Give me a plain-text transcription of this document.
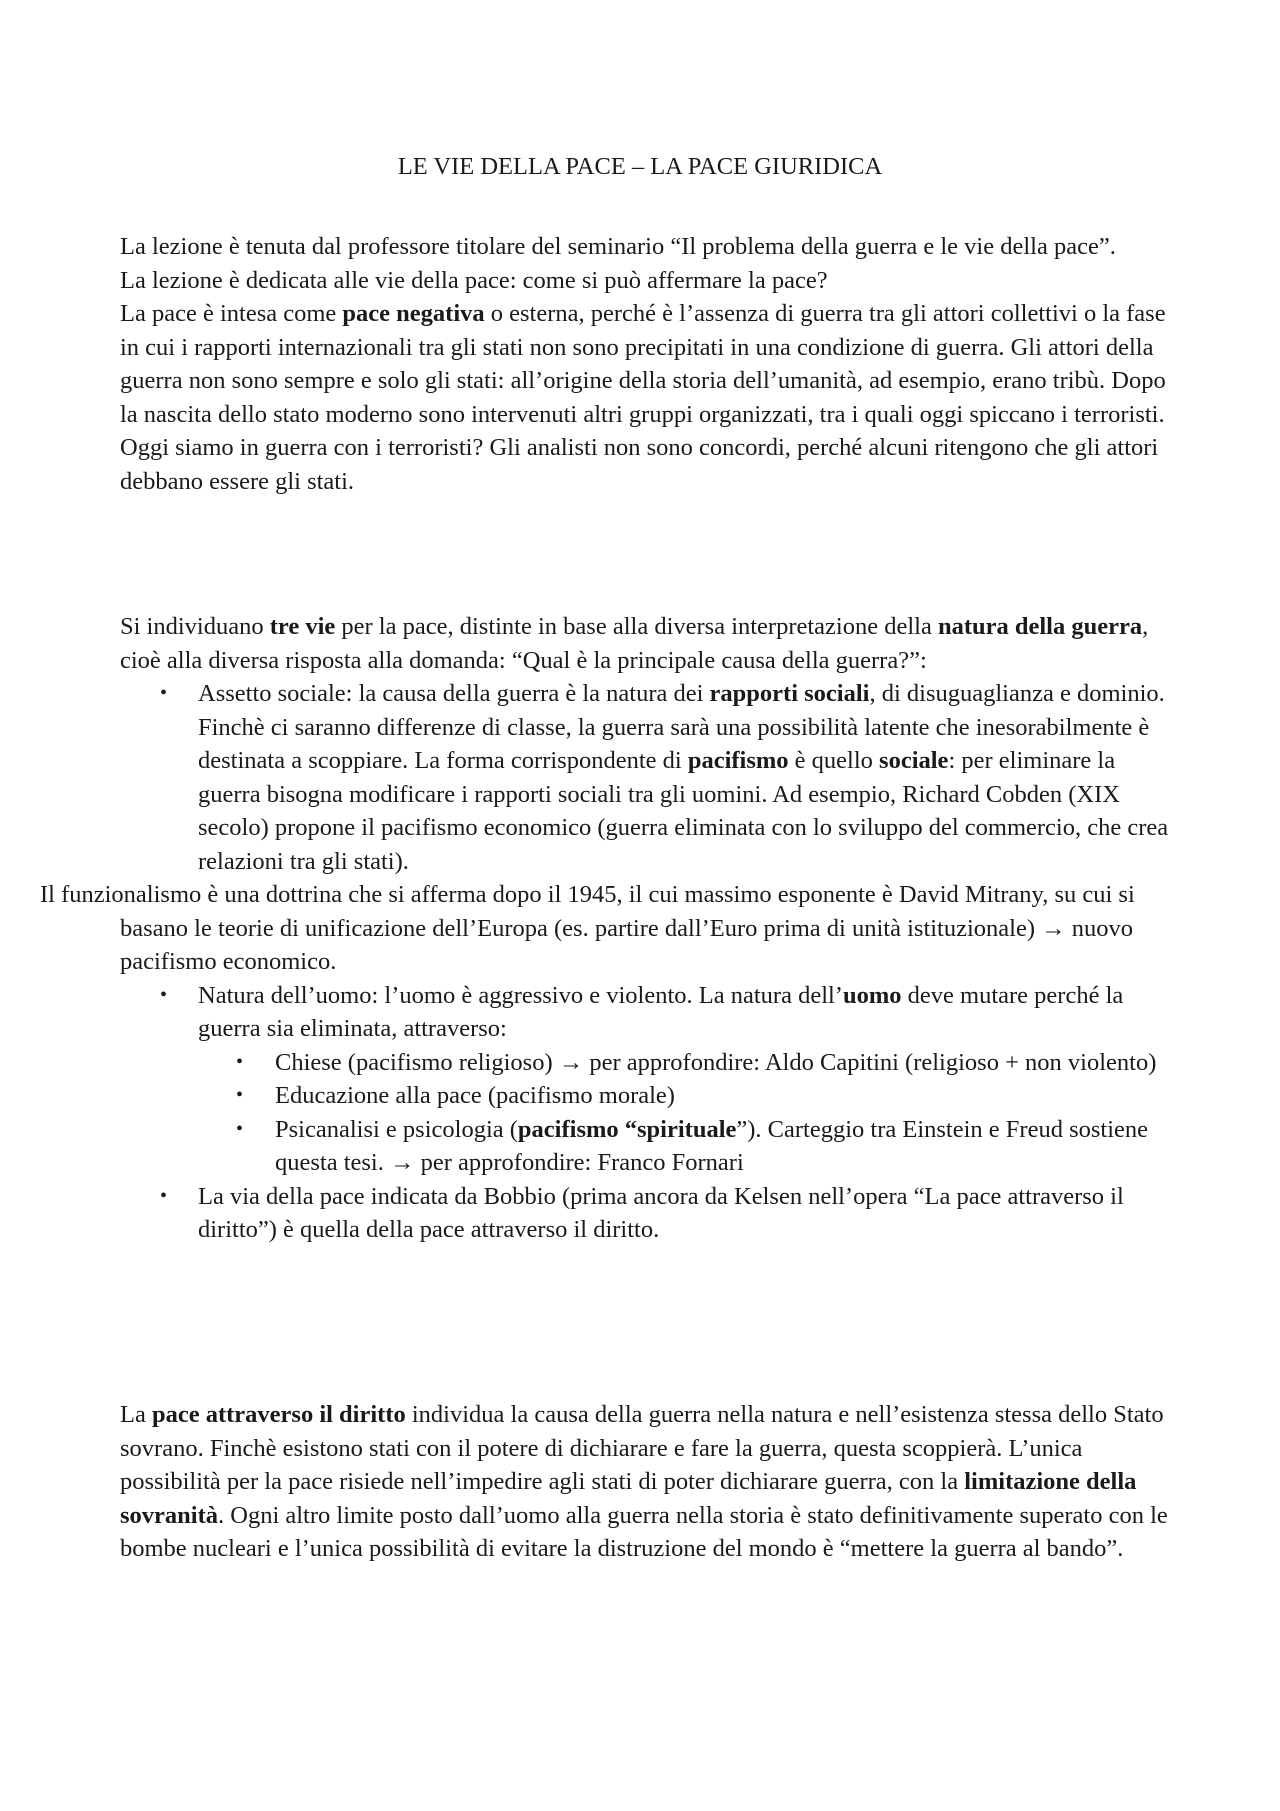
LE VIE DELLA PACE – LA PACE GIURIDICA

La lezione è tenuta dal professore titolare del seminario “Il problema della guerra e le vie della pace”.

La lezione è dedicata alle vie della pace: come si può affermare la pace?

La pace è intesa come pace negativa o esterna, perché è l’assenza di guerra tra gli attori collettivi o la fase in cui i rapporti internazionali tra gli stati non sono precipitati in una condizione di guerra. Gli attori della guerra non sono sempre e solo gli stati: all’origine della storia dell’umanità, ad esempio, erano tribù. Dopo la nascita dello stato moderno sono intervenuti altri gruppi organizzati, tra i quali oggi spiccano i terroristi. Oggi siamo in guerra con i terroristi? Gli analisti non sono concordi, perché alcuni ritengono che gli attori debbano essere gli stati.

Si individuano tre vie per la pace, distinte in base alla diversa interpretazione della natura della guerra, cioè alla diversa risposta alla domanda: “Qual è la principale causa della guerra?”:

• Assetto sociale: la causa della guerra è la natura dei rapporti sociali, di disuguaglianza e dominio. Finchè ci saranno differenze di classe, la guerra sarà una possibilità latente che inesorabilmente è destinata a scoppiare. La forma corrispondente di pacifismo è quello sociale: per eliminare la guerra bisogna modificare i rapporti sociali tra gli uomini. Ad esempio, Richard Cobden (XIX secolo) propone il pacifismo economico (guerra eliminata con lo sviluppo del commercio, che crea relazioni tra gli stati).

Il funzionalismo è una dottrina che si afferma dopo il 1945, il cui massimo esponente è David Mitrany, su cui si basano le teorie di unificazione dell’Europa (es. partire dall’Euro prima di unità istituzionale) → nuovo pacifismo economico.

• Natura dell’uomo: l’uomo è aggressivo e violento. La natura dell’uomo deve mutare perché la guerra sia eliminata, attraverso:
• Chiese (pacifismo religioso) → per approfondire: Aldo Capitini (religioso + non violento)
• Educazione alla pace (pacifismo morale)
• Psicanalisi e psicologia (pacifismo “spirituale”). Carteggio tra Einstein e Freud sostiene questa tesi. → per approfondire: Franco Fornari
• La via della pace indicata da Bobbio (prima ancora da Kelsen nell’opera “La pace attraverso il diritto”) è quella della pace attraverso il diritto.

La pace attraverso il diritto individua la causa della guerra nella natura e nell’esistenza stessa dello Stato sovrano. Finchè esistono stati con il potere di dichiarare e fare la guerra, questa scoppierà. L’unica possibilità per la pace risiede nell’impedire agli stati di poter dichiarare guerra, con la limitazione della sovranità. Ogni altro limite posto dall’uomo alla guerra nella storia è stato definitivamente superato con le bombe nucleari e l’unica possibilità di evitare la distruzione del mondo è “mettere la guerra al bando”.
